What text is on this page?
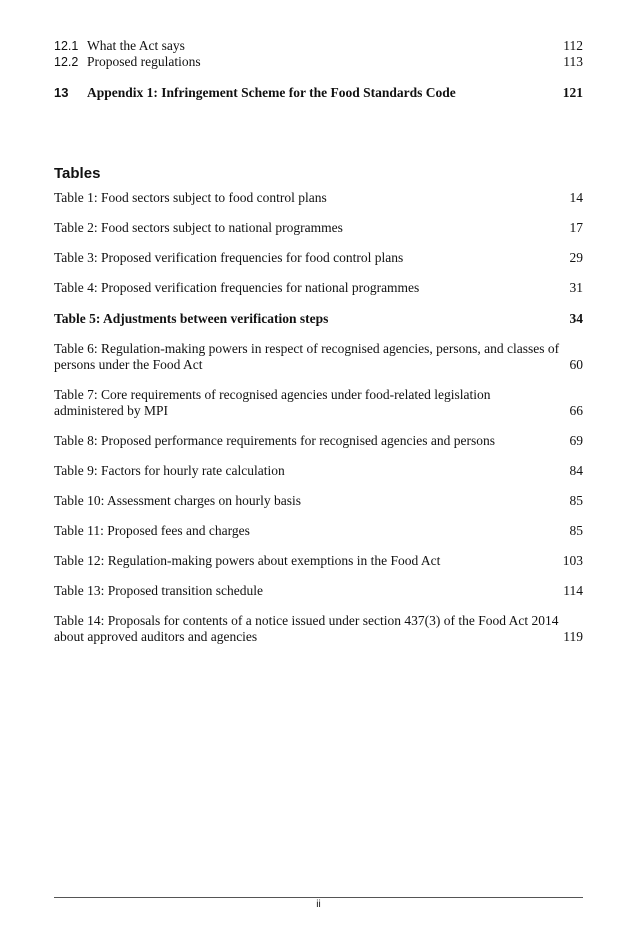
12.1 What the Act says	112
12.2 Proposed regulations	113
13 Appendix 1: Infringement Scheme for the Food Standards Code	121
Tables
Table 1: Food sectors subject to food control plans	14
Table 2: Food sectors subject to national programmes	17
Table 3: Proposed verification frequencies for food control plans	29
Table 4: Proposed verification frequencies for national programmes	31
Table 5: Adjustments between verification steps	34
Table 6: Regulation-making powers in respect of recognised agencies, persons, and classes of persons under the Food Act	60
Table 7: Core requirements of recognised agencies under food-related legislation administered by MPI	66
Table 8: Proposed performance requirements for recognised agencies and persons	69
Table 9: Factors for hourly rate calculation	84
Table 10: Assessment charges on hourly basis	85
Table 11: Proposed fees and charges	85
Table 12: Regulation-making powers about exemptions in the Food Act	103
Table 13: Proposed transition schedule	114
Table 14: Proposals for contents of a notice issued under section 437(3) of the Food Act 2014 about approved auditors and agencies	119
ii
